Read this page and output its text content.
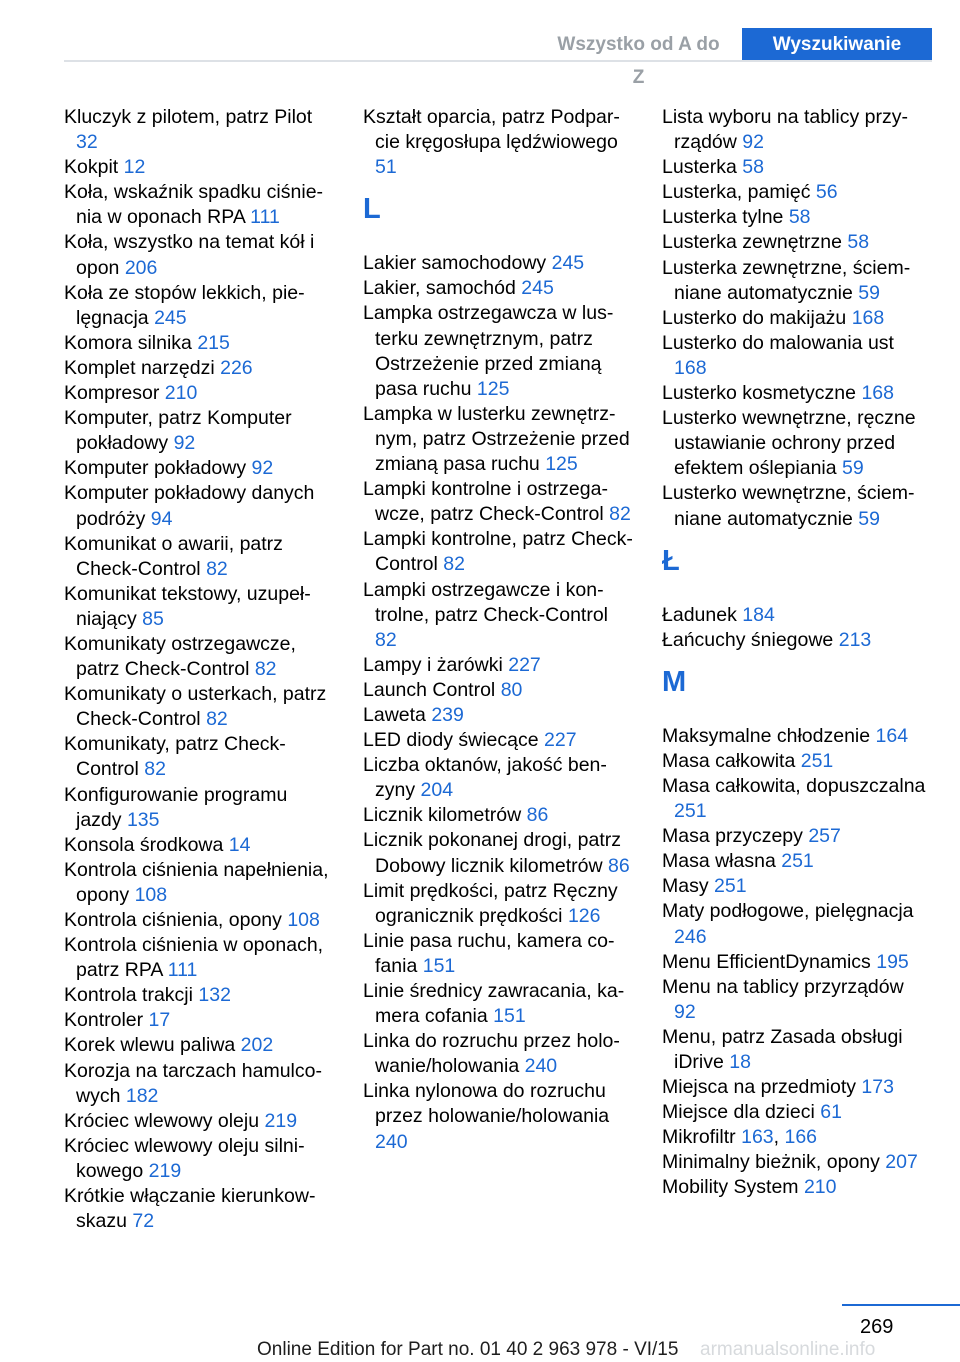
Wszystko od A do Z
Wyszukiwanie
Kluczyk z pilotem, patrz Pilot 32
Kokpit 12
Koła, wskaźnik spadku ciśnienia w oponach RPA 111
Koła, wszystko na temat kół i opon 206
Koła ze stopów lekkich, pielęgnacja 245
Komora silnika 215
Komplet narzędzi 226
Kompresor 210
Komputer, patrz Komputer pokładowy 92
Komputer pokładowy 92
Komputer pokładowy danych podróży 94
Komunikat o awarii, patrz Check-Control 82
Komunikat tekstowy, uzupełniający 85
Komunikaty ostrzegawcze, patrz Check-Control 82
Komunikaty o usterkach, patrz Check-Control 82
Komunikaty, patrz Check-Control 82
Konfigurowanie programu jazdy 135
Konsola środkowa 14
Kontrola ciśnienia napełnienia, opony 108
Kontrola ciśnienia, opony 108
Kontrola ciśnienia w oponach, patrz RPA 111
Kontrola trakcji 132
Kontroler 17
Korek wlewu paliwa 202
Korozja na tarczach hamulcowych 182
Króciec wlewowy oleju 219
Króciec wlewowy oleju silnikowego 219
Krótkie włączanie kierunkowskazu 72
Kształt oparcia, patrz Podparcie kręgosłupa lędźwiowego 51
L
Lakier samochodowy 245
Lakier, samochód 245
Lampka ostrzegawcza w lusterku zewnętrznym, patrz Ostrzeżenie przed zmianą pasa ruchu 125
Lampka w lusterku zewnętrznym, patrz Ostrzeżenie przed zmianą pasa ruchu 125
Lampki kontrolne i ostrzegawcze, patrz Check-Control 82
Lampki kontrolne, patrz Check-Control 82
Lampki ostrzegawcze i kontrolne, patrz Check-Control 82
Lampy i żarówki 227
Launch Control 80
Laweta 239
LED diody świecące 227
Liczba oktanów, jakość benzyny 204
Licznik kilometrów 86
Licznik pokonanej drogi, patrz Dobowy licznik kilometrów 86
Limit prędkości, patrz Ręczny ogranicznik prędkości 126
Linie pasa ruchu, kamera cofania 151
Linie średnicy zawracania, kamera cofania 151
Linka do rozruchu przez holowanie/holowania 240
Linka nylonowa do rozruchu przez holowanie/holowania 240
Lista wyboru na tablicy przyrządów 92
Lusterka 58
Lusterka, pamięć 56
Lusterka tylne 58
Lusterka zewnętrzne 58
Lusterka zewnętrzne, ściemniane automatycznie 59
Lusterko do makijażu 168
Lusterko do malowania ust 168
Lusterko kosmetyczne 168
Lusterko wewnętrzne, ręczne ustawianie ochrony przed efektem oślepiania 59
Lusterko wewnętrzne, ściemniane automatycznie 59
Ł
Ładunek 184
Łańcuchy śniegowe 213
M
Maksymalne chłodzenie 164
Masa całkowita 251
Masa całkowita, dopuszczalna 251
Masa przyczepy 257
Masa własna 251
Masy 251
Maty podłogowe, pielęgnacja 246
Menu EfficientDynamics 195
Menu na tablicy przyrządów 92
Menu, patrz Zasada obsługi iDrive 18
Miejsca na przedmioty 173
Miejsce dla dzieci 61
Mikrofiltr 163, 166
Minimalny bieżnik, opony 207
Mobility System 210
269
Online Edition for Part no. 01 40 2 963 978 - VI/15 armanualsonline.info
